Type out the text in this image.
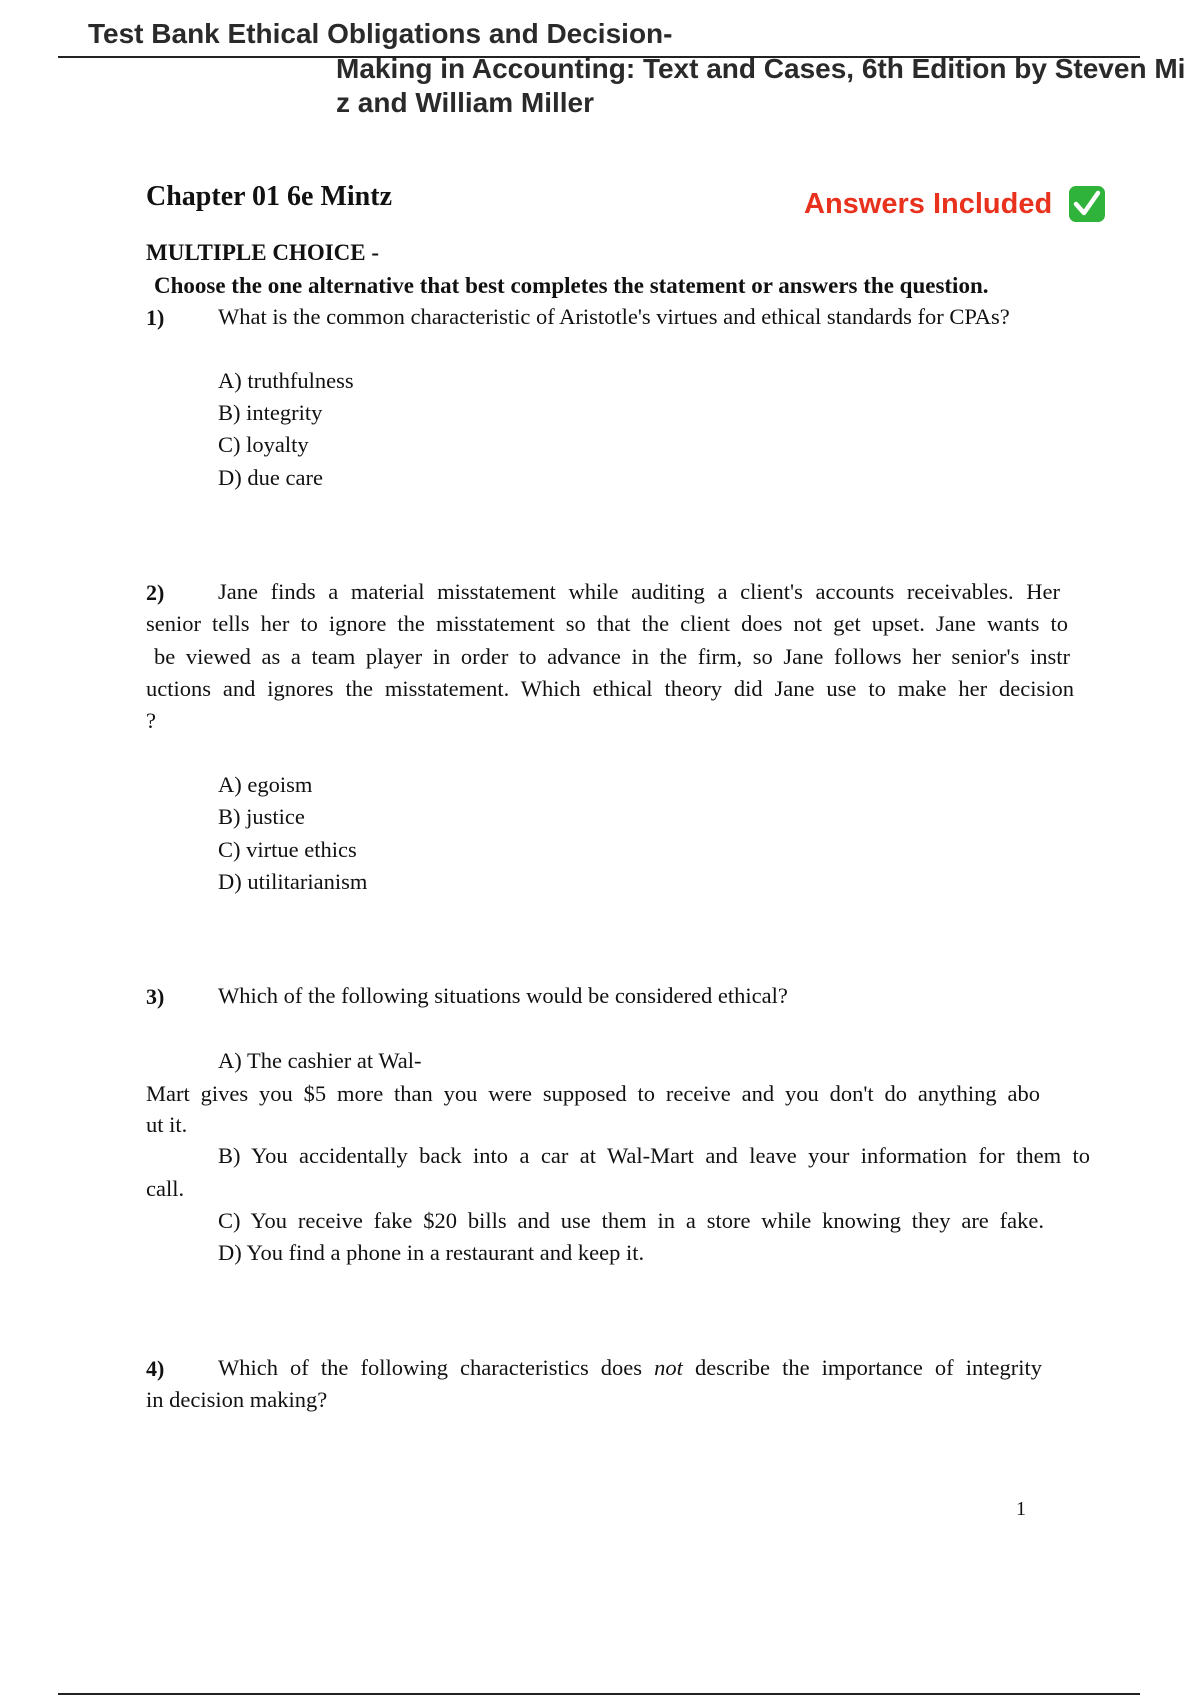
Test Bank Ethical Obligations and Decision-
Making in Accounting: Text and Cases, 6th Edition by Steven Mi
z and William Miller
Chapter 01 6e Mintz	Answers Included
MULTIPLE CHOICE -
Choose the one alternative that best completes the statement or answers the question.
1) What is the common characteristic of Aristotle's virtues and ethical standards for CPAs?
A) truthfulness
B) integrity
C) loyalty
D) due care
2) Jane finds a material misstatement while auditing a client's accounts receivables. Her
senior tells her to ignore the misstatement so that the client does not get upset. Jane wants to
be viewed as a team player in order to advance in the firm, so Jane follows her senior's instr
uctions and ignores the misstatement. Which ethical theory did Jane use to make her decision
?
A) egoism
B) justice
C) virtue ethics
D) utilitarianism
3) Which of the following situations would be considered ethical?
A) The cashier at Wal-
Mart gives you $5 more than you were supposed to receive and you don't do anything abo
ut it.
B) You accidentally back into a car at Wal-Mart and leave your information for them to
call.
C) You receive fake $20 bills and use them in a store while knowing they are fake.
D) You find a phone in a restaurant and keep it.
4) Which of the following characteristics does not describe the importance of integrity
in decision making?
1
